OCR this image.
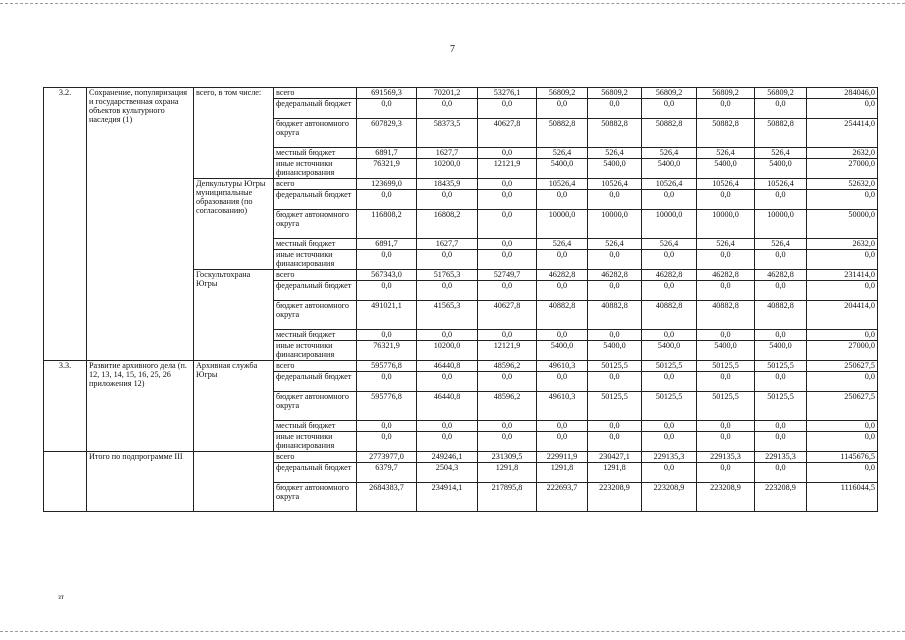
7
3.2.	Сохранение, популяризация и государственная охрана объектов культурного наследия (1)	всего, в том числе:	всего	691569,3	70201,2	53276,1	56809,2	56809,2	56809,2	56809,2	56809,2	284046,0
			федеральный бюджет	0,0	0,0	0,0	0,0	0,0	0,0	0,0	0,0	0,0
			бюджет автономного округа	607829,3	58373,5	40627,8	50882,8	50882,8	50882,8	50882,8	50882,8	254414,0
			местный бюджет	6891,7	1627,7	0,0	526,4	526,4	526,4	526,4	526,4	2632,0
			иные источники финансирования	76321,9	10200,0	12121,9	5400,0	5400,0	5400,0	5400,0	5400,0	27000,0
		Депкультуры Югры муниципальные образования (по согласованию)	всего	123699,0	18435,9	0,0	10526,4	10526,4	10526,4	10526,4	10526,4	52632,0
			федеральный бюджет	0,0	0,0	0,0	0,0	0,0	0,0	0,0	0,0	0,0
			бюджет автономного округа	116808,2	16808,2	0,0	10000,0	10000,0	10000,0	10000,0	10000,0	50000,0
			местный бюджет	6891,7	1627,7	0,0	526,4	526,4	526,4	526,4	526,4	2632,0
			иные источники финансирования	0,0	0,0	0,0	0,0	0,0	0,0	0,0	0,0	0,0
		Госкультохрана Югры	всего	567343,0	51765,3	52749,7	46282,8	46282,8	46282,8	46282,8	46282,8	231414,0
			федеральный бюджет	0,0	0,0	0,0	0,0	0,0	0,0	0,0	0,0	0,0
			бюджет автономного округа	491021,1	41565,3	40627,8	40882,8	40882,8	40882,8	40882,8	40882,8	204414,0
			местный бюджет	0,0	0,0	0,0	0,0	0,0	0,0	0,0	0,0	0,0
			иные источники финансирования	76321,9	10200,0	12121,9	5400,0	5400,0	5400,0	5400,0	5400,0	27000,0
3.3.	Развитие архивного дела (п. 12, 13, 14, 15, 16, 25, 26 приложения 12)	Архивная служба Югры	всего	595776,8	46440,8	48596,2	49610,3	50125,5	50125,5	50125,5	50125,5	250627,5
			федеральный бюджет	0,0	0,0	0,0	0,0	0,0	0,0	0,0	0,0	0,0
			бюджет автономного округа	595776,8	46440,8	48596,2	49610,3	50125,5	50125,5	50125,5	50125,5	250627,5
			местный бюджет	0,0	0,0	0,0	0,0	0,0	0,0	0,0	0,0	0,0
			иные источники финансирования	0,0	0,0	0,0	0,0	0,0	0,0	0,0	0,0	0,0
	Итого по подпрограмме III		всего	2773977,0	249246,1	231309,5	229911,9	230427,1	229135,3	229135,3	229135,3	1145676,5
			федеральный бюджет	6379,7	2504,3	1291,8	1291,8	1291,8	0,0	0,0	0,0	0,0
			бюджет автономного округа	2684383,7	234914,1	217895,8	222693,7	223208,9	223208,9	223208,9	223208,9	1116044,5
зт
